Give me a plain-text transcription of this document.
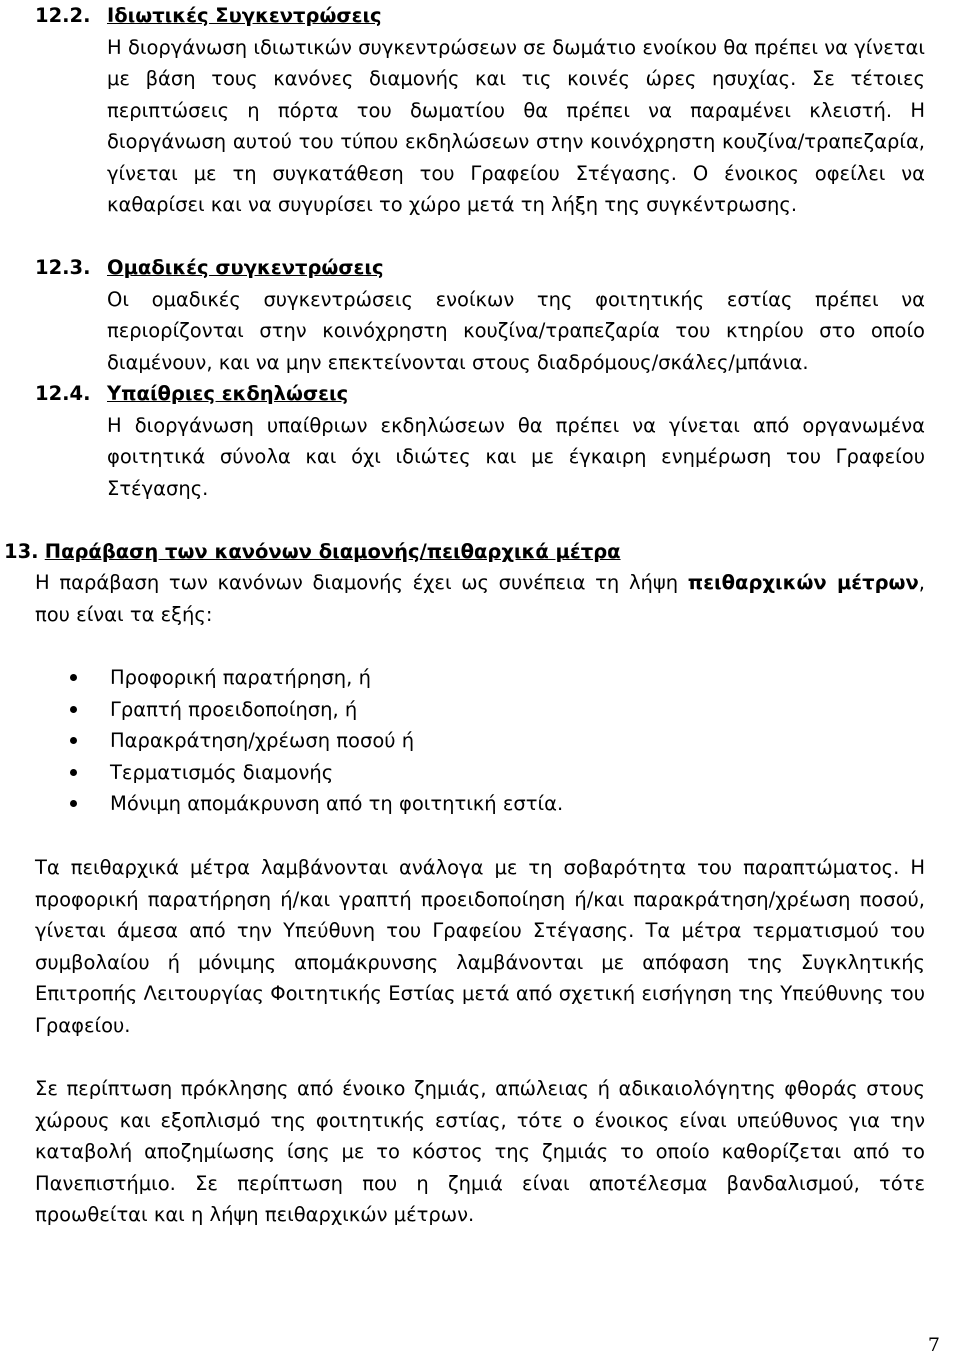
12.2. Ιδιωτικές Συγκεντρώσεις
Η διοργάνωση ιδιωτικών συγκεντρώσεων σε δωμάτιο ενοίκου θα πρέπει να γίνεται με βάση τους κανόνες διαμονής και τις κοινές ώρες ησυχίας. Σε τέτοιες περιπτώσεις η πόρτα του δωματίου θα πρέπει να παραμένει κλειστή. Η διοργάνωση αυτού του τύπου εκδηλώσεων στην κοινόχρηστη κουζίνα/τραπεζαρία, γίνεται με τη συγκατάθεση του Γραφείου Στέγασης. Ο ένοικος οφείλει να καθαρίσει και να συγυρίσει το χώρο μετά τη λήξη της συγκέντρωσης.
12.3. Ομαδικές συγκεντρώσεις
Οι ομαδικές συγκεντρώσεις ενοίκων της φοιτητικής εστίας πρέπει να περιορίζονται στην κοινόχρηστη κουζίνα/τραπεζαρία του κτηρίου στο οποίο διαμένουν, και να μην επεκτείνονται στους διαδρόμους/σκάλες/μπάνια.
12.4. Υπαίθριες εκδηλώσεις
Η διοργάνωση υπαίθριων εκδηλώσεων θα πρέπει να γίνεται από οργανωμένα φοιτητικά σύνολα και όχι ιδιώτες και με έγκαιρη ενημέρωση του Γραφείου Στέγασης.
13. Παράβαση των κανόνων διαμονής/πειθαρχικά μέτρα

Η παράβαση των κανόνων διαμονής έχει ως συνέπεια τη λήψη πειθαρχικών μέτρων, που είναι τα εξής:

Προφορική παρατήρηση, ή
Γραπτή προειδοποίηση, ή
Παρακράτηση/χρέωση ποσού ή
Τερματισμός διαμονής
Μόνιμη απομάκρυνση από τη φοιτητική εστία.

Τα πειθαρχικά μέτρα λαμβάνονται ανάλογα με τη σοβαρότητα του παραπτώματος. Η προφορική παρατήρηση ή/και γραπτή προειδοποίηση ή/και παρακράτηση/χρέωση ποσού, γίνεται άμεσα από την Υπεύθυνη του Γραφείου Στέγασης. Τα μέτρα τερματισμού του συμβολαίου ή μόνιμης απομάκρυνσης λαμβάνονται με απόφαση της Συγκλητικής Επιτροπής Λειτουργίας Φοιτητικής Εστίας μετά από σχετική εισήγηση της Υπεύθυνης του Γραφείου.

Σε περίπτωση πρόκλησης από ένοικο ζημιάς, απώλειας ή αδικαιολόγητης φθοράς στους χώρους και εξοπλισμό της φοιτητικής εστίας, τότε ο ένοικος είναι υπεύθυνος για την καταβολή αποζημίωσης ίσης με το κόστος της ζημιάς το οποίο καθορίζεται από το Πανεπιστήμιο. Σε περίπτωση που η ζημιά είναι αποτέλεσμα βανδαλισμού, τότε προωθείται και η λήψη πειθαρχικών μέτρων.

7
